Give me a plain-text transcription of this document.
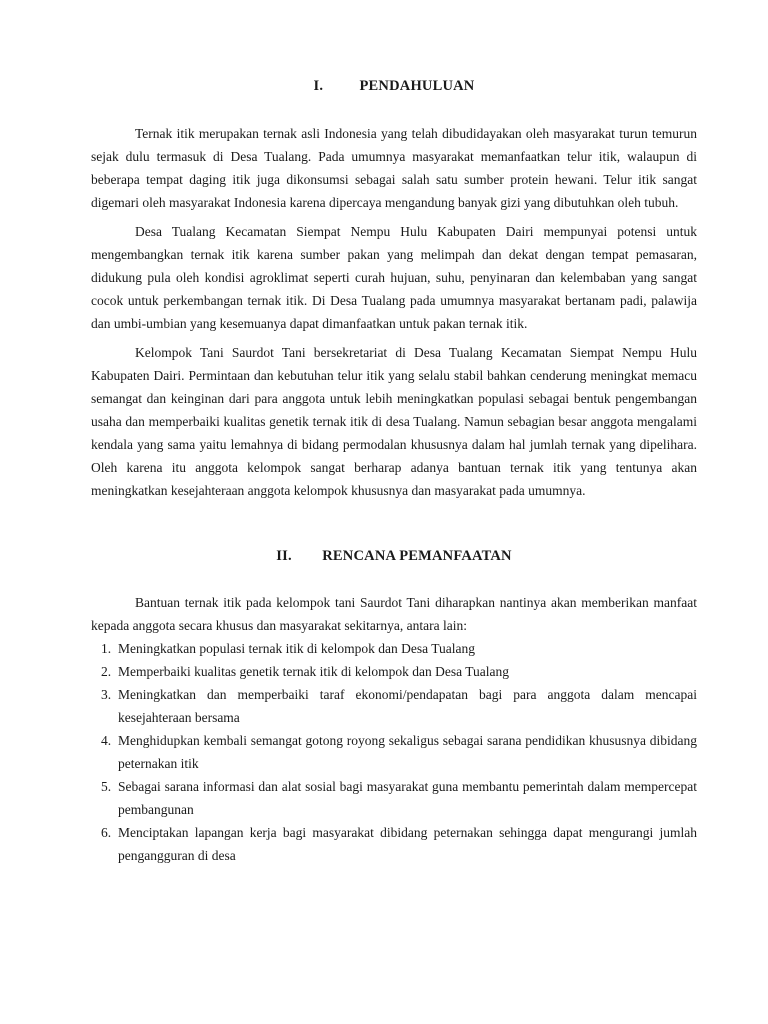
I.	PENDAHULUAN

Ternak itik merupakan ternak asli Indonesia yang telah dibudidayakan oleh masyarakat turun temurun sejak dulu termasuk di Desa Tualang. Pada umumnya masyarakat memanfaatkan telur itik, walaupun di beberapa tempat daging itik juga dikonsumsi sebagai salah satu sumber protein hewani. Telur itik sangat digemari oleh masyarakat Indonesia karena dipercaya mengandung banyak gizi yang dibutuhkan oleh tubuh.

Desa Tualang Kecamatan Siempat Nempu Hulu Kabupaten Dairi mempunyai potensi untuk mengembangkan ternak itik karena sumber pakan yang melimpah dan dekat dengan tempat pemasaran, didukung pula oleh kondisi agroklimat seperti curah hujuan, suhu, penyinaran dan kelembaban yang sangat cocok untuk perkembangan ternak itik. Di Desa Tualang pada umumnya masyarakat bertanam padi, palawija dan umbi-umbian yang kesemuanya dapat dimanfaatkan untuk pakan ternak itik.

Kelompok Tani Saurdot Tani bersekretariat di Desa Tualang Kecamatan Siempat Nempu Hulu Kabupaten Dairi. Permintaan dan kebutuhan telur itik yang selalu stabil bahkan cenderung meningkat memacu semangat dan keinginan dari para anggota untuk lebih meningkatkan populasi sebagai bentuk pengembangan usaha dan memperbaiki kualitas genetik ternak itik di desa Tualang. Namun sebagian besar anggota mengalami kendala yang sama yaitu lemahnya di bidang permodalan khususnya dalam hal jumlah ternak yang dipelihara. Oleh karena itu anggota kelompok sangat berharap adanya bantuan ternak itik yang tentunya akan meningkatkan kesejahteraan anggota kelompok khususnya dan masyarakat pada umumnya.

II. RENCANA PEMANFAATAN

Bantuan ternak itik pada kelompok tani Saurdot Tani diharapkan nantinya akan memberikan manfaat kepada anggota secara khusus dan masyarakat sekitarnya, antara lain:

1. Meningkatkan populasi ternak itik di kelompok dan Desa Tualang
2. Memperbaiki kualitas genetik ternak itik di kelompok dan Desa Tualang
3. Meningkatkan dan memperbaiki taraf ekonomi/pendapatan bagi para anggota dalam mencapai kesejahteraan bersama
4. Menghidupkan kembali semangat gotong royong sekaligus sebagai sarana pendidikan khususnya dibidang peternakan itik
5. Sebagai sarana informasi dan alat sosial bagi masyarakat guna membantu pemerintah dalam mempercepat pembangunan
6. Menciptakan lapangan kerja bagi masyarakat dibidang peternakan sehingga dapat mengurangi jumlah pengangguran di desa
